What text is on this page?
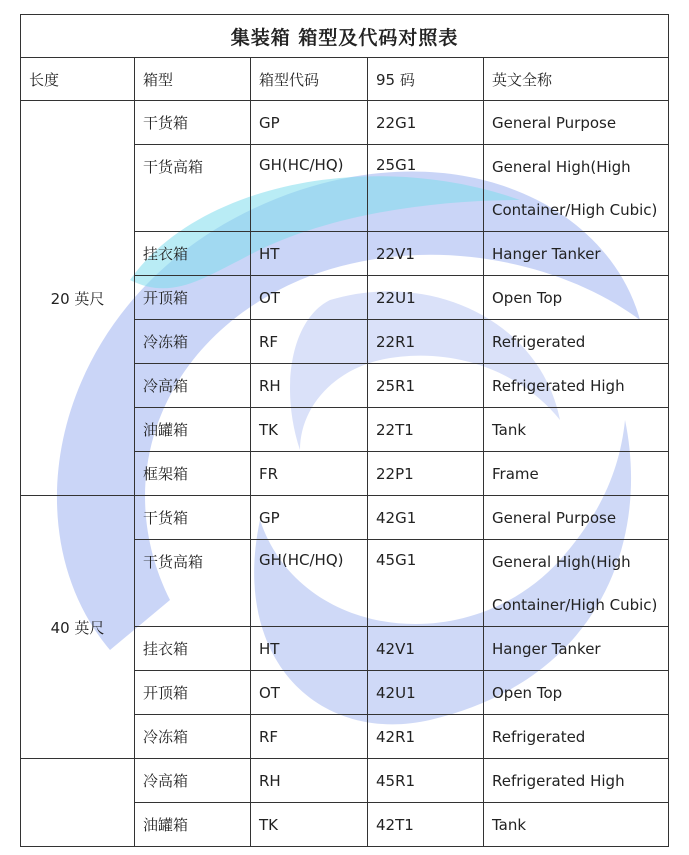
集装箱 箱型及代码对照表				
长度	箱型	箱型代码	95 码	英文全称
20 英尺	干货箱	GP	22G1	General Purpose
	干货高箱	GH(HC/HQ)	25G1	General High(High
				Container/High Cubic)
	挂衣箱	HT	22V1	Hanger Tanker
	开顶箱	OT	22U1	Open Top
	冷冻箱	RF	22R1	Refrigerated
	冷高箱	RH	25R1	Refrigerated High
	油罐箱	TK	22T1	Tank
	框架箱	FR	22P1	Frame
40 英尺	干货箱	GP	42G1	General Purpose
	干货高箱	GH(HC/HQ)	45G1	General High(High
				Container/High Cubic)
	挂衣箱	HT	42V1	Hanger Tanker
	开顶箱	OT	42U1	Open Top
	冷冻箱	RF	42R1	Refrigerated
	冷高箱	RH	45R1	Refrigerated High
	油罐箱	TK	42T1	Tank
